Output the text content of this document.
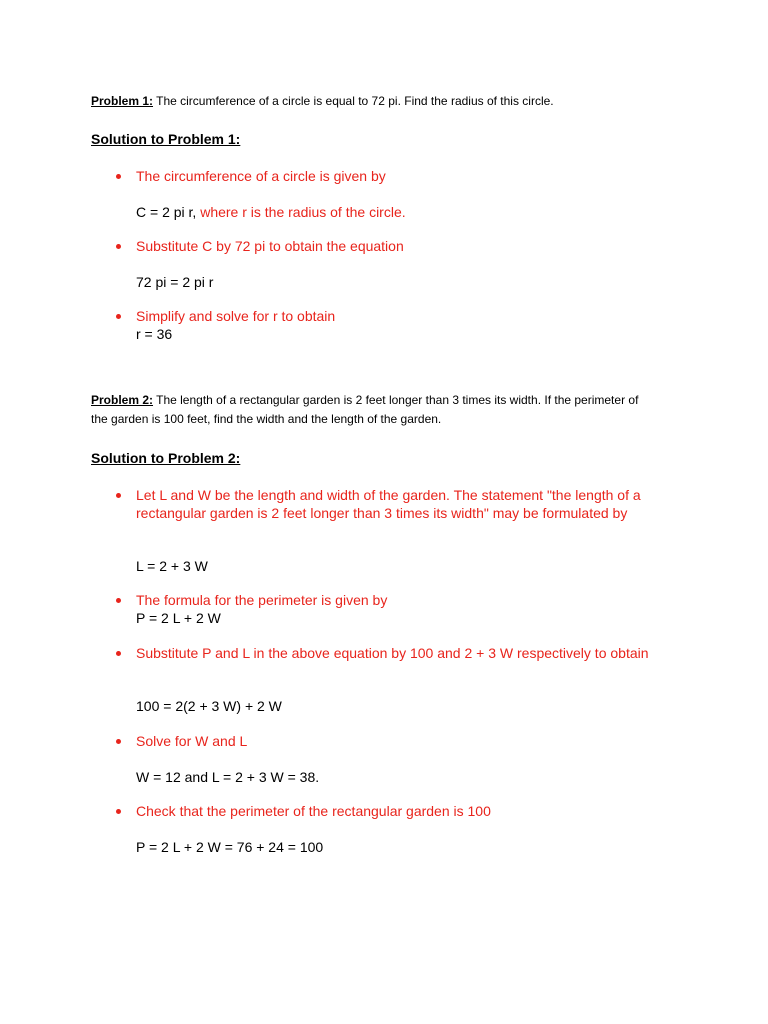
Problem 1: The circumference of a circle is equal to 72 pi. Find the radius of this circle.

Solution to Problem 1:

The circumference of a circle is given by
C = 2 pi r, where r is the radius of the circle.
Substitute C by 72 pi to obtain the equation
72 pi = 2 pi r
Simplify and solve for r to obtain
r = 36

Problem 2: The length of a rectangular garden is 2 feet longer than 3 times its width. If the perimeter of the garden is 100 feet, find the width and the length of the garden.

Solution to Problem 2:

Let L and W be the length and width of the garden. The statement "the length of a rectangular garden is 2 feet longer than 3 times its width" may be formulated by
L = 2 + 3 W
The formula for the perimeter is given by
P = 2 L + 2 W
Substitute P and L in the above equation by 100 and 2 + 3 W respectively to obtain
100 = 2(2 + 3 W) + 2 W
Solve for W and L
W = 12 and L = 2 + 3 W = 38.
Check that the perimeter of the rectangular garden is 100
P = 2 L + 2 W = 76 + 24 = 100
